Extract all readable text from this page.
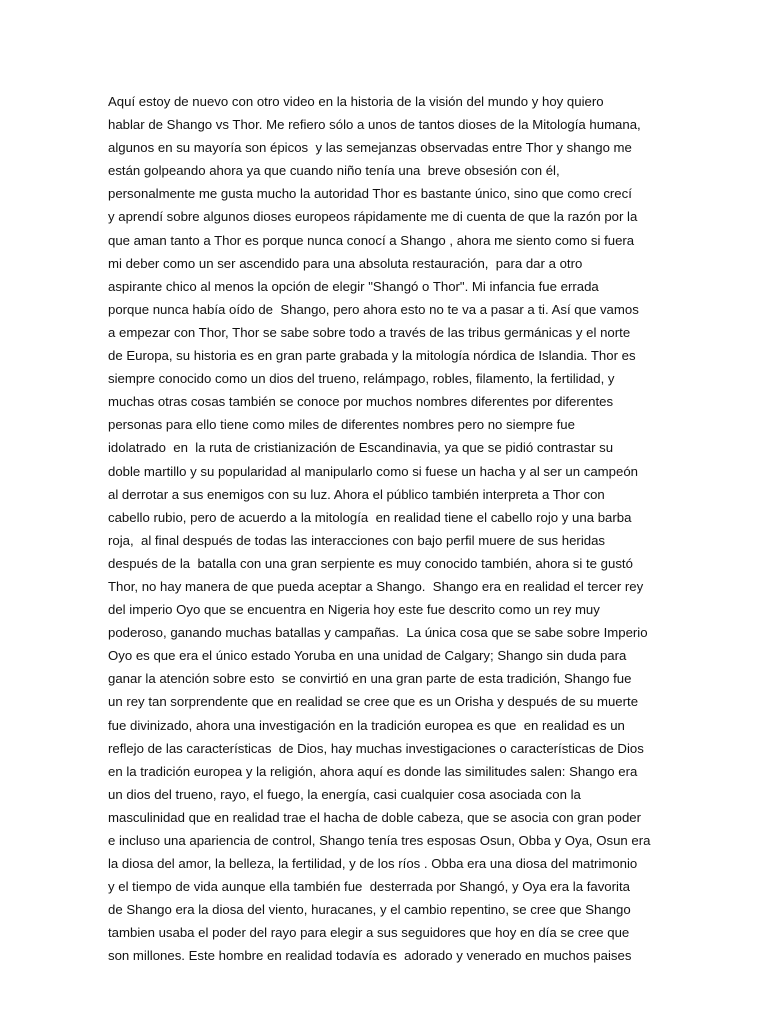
Aquí estoy de nuevo con otro video en la historia de la visión del mundo y hoy quiero
hablar de Shango vs Thor. Me refiero sólo a unos de tantos dioses de la Mitología humana,
algunos en su mayoría son épicos  y las semejanzas observadas entre Thor y shango me
están golpeando ahora ya que cuando niño tenía una  breve obsesión con él,
personalmente me gusta mucho la autoridad Thor es bastante único, sino que como crecí
y aprendí sobre algunos dioses europeos rápidamente me di cuenta de que la razón por la
que aman tanto a Thor es porque nunca conocí a Shango , ahora me siento como si fuera
mi deber como un ser ascendido para una absoluta restauración,  para dar a otro
aspirante chico al menos la opción de elegir "Shangó o Thor". Mi infancia fue errada
porque nunca había oído de  Shango, pero ahora esto no te va a pasar a ti. Así que vamos
a empezar con Thor, Thor se sabe sobre todo a través de las tribus germánicas y el norte
de Europa, su historia es en gran parte grabada y la mitología nórdica de Islandia. Thor es
siempre conocido como un dios del trueno, relámpago, robles, filamento, la fertilidad, y
muchas otras cosas también se conoce por muchos nombres diferentes por diferentes
personas para ello tiene como miles de diferentes nombres pero no siempre fue
idolatrado  en  la ruta de cristianización de Escandinavia, ya que se pidió contrastar su
doble martillo y su popularidad al manipularlo como si fuese un hacha y al ser un campeón
al derrotar a sus enemigos con su luz. Ahora el público también interpreta a Thor con
cabello rubio, pero de acuerdo a la mitología  en realidad tiene el cabello rojo y una barba
roja,  al final después de todas las interacciones con bajo perfil muere de sus heridas
después de la  batalla con una gran serpiente es muy conocido también, ahora si te gustó
Thor, no hay manera de que pueda aceptar a Shango.  Shango era en realidad el tercer rey
del imperio Oyo que se encuentra en Nigeria hoy este fue descrito como un rey muy
poderoso, ganando muchas batallas y campañas.  La única cosa que se sabe sobre Imperio
Oyo es que era el único estado Yoruba en una unidad de Calgary; Shango sin duda para
ganar la atención sobre esto  se convirtió en una gran parte de esta tradición, Shango fue
un rey tan sorprendente que en realidad se cree que es un Orisha y después de su muerte
fue divinizado, ahora una investigación en la tradición europea es que  en realidad es un
reflejo de las características  de Dios, hay muchas investigaciones o características de Dios
en la tradición europea y la religión, ahora aquí es donde las similitudes salen: Shango era
un dios del trueno, rayo, el fuego, la energía, casi cualquier cosa asociada con la
masculinidad que en realidad trae el hacha de doble cabeza, que se asocia con gran poder
e incluso una apariencia de control, Shango tenía tres esposas Osun, Obba y Oya, Osun era
la diosa del amor, la belleza, la fertilidad, y de los ríos . Obba era una diosa del matrimonio
y el tiempo de vida aunque ella también fue  desterrada por Shangó, y Oya era la favorita
de Shango era la diosa del viento, huracanes, y el cambio repentino, se cree que Shango
tambien usaba el poder del rayo para elegir a sus seguidores que hoy en día se cree que
son millones. Este hombre en realidad todavía es  adorado y venerado en muchos paises
